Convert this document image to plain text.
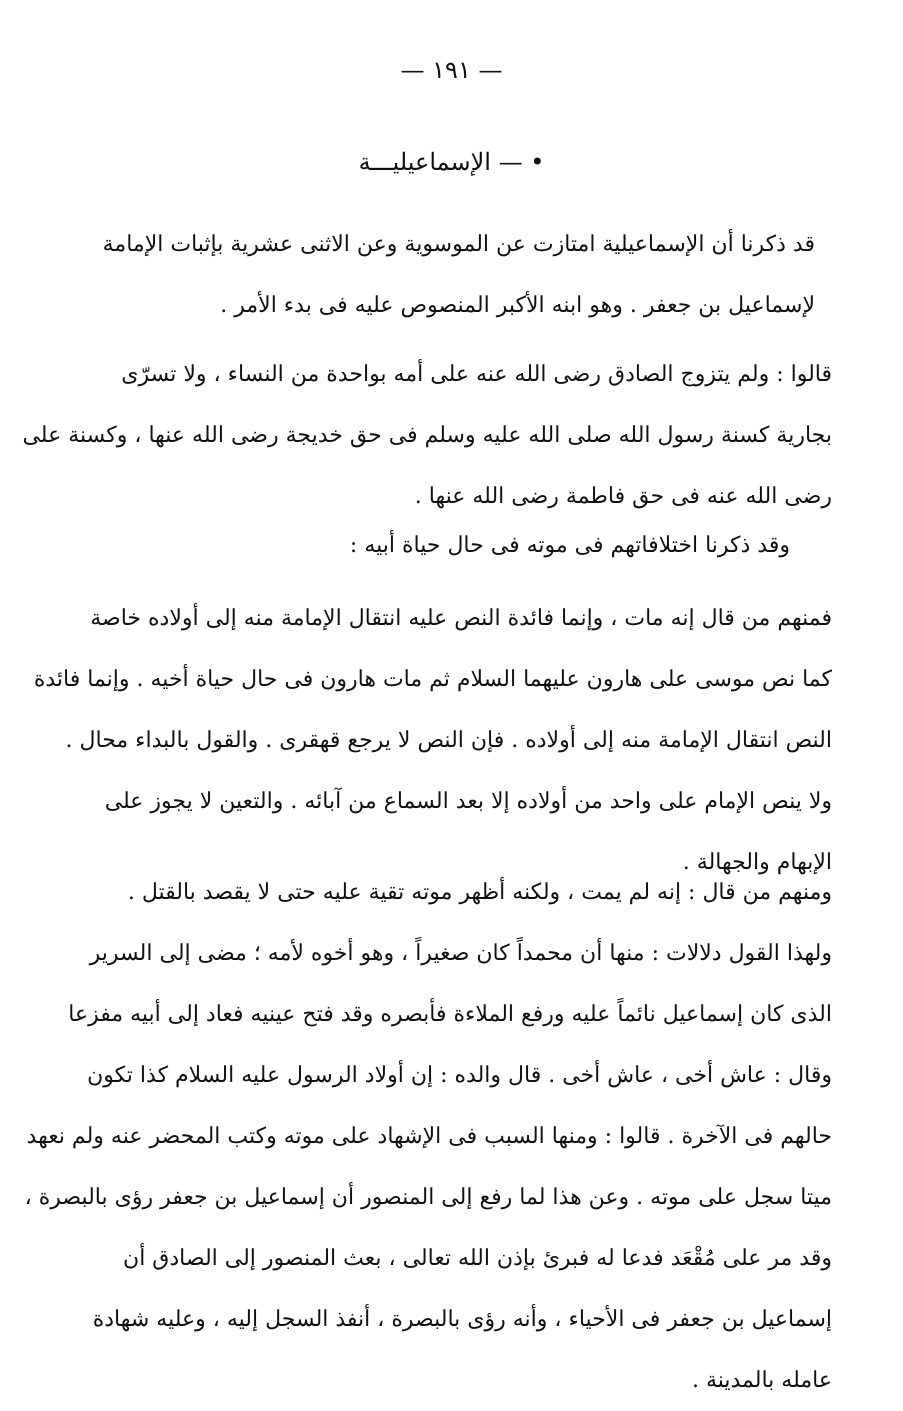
— ١٩١ —
• — الإسماعيليـــة
قد ذكرنا أن الإسماعيلية امتازت عن الموسوية وعن الاثنى عشرية بإثبات الإمامة
لإسماعيل بن جعفر . وهو ابنه الأكبر المنصوص عليه فى بدء الأمر .
قالوا : ولم يتزوج الصادق رضى الله عنه على أمه بواحدة من النساء ، ولا تسرّى
بجارية كسنة رسول الله صلى الله عليه وسلم فى حق خديجة رضى الله عنها ، وكسنة على
رضى الله عنه فى حق فاطمة رضى الله عنها .
وقد ذكرنا اختلافاتهم فى موته فى حال حياة أبيه :
فمنهم من قال إنه مات ، وإنما فائدة النص عليه انتقال الإمامة منه إلى أولاده خاصة
كما نص موسى على هارون عليهما السلام ثم مات هارون فى حال حياة أخيه . وإنما فائدة
النص انتقال الإمامة منه إلى أولاده . فإن النص لا يرجع قهقرى . والقول بالبداء محال .
ولا ينص الإمام على واحد من أولاده إلا بعد السماع من آبائه . والتعين لا يجوز على
الإبهام والجهالة .
ومنهم من قال : إنه لم يمت ، ولكنه أظهر موته تقية عليه حتى لا يقصد بالقتل .
ولهذا القول دلالات : منها أن محمداً كان صغيراً ، وهو أخوه لأمه ؛ مضى إلى السرير
الذى كان إسماعيل نائماً عليه ورفع الملاءة فأبصره وقد فتح عينيه فعاد إلى أبيه مفزعا
وقال : عاش أخى ، عاش أخى . قال والده : إن أولاد الرسول عليه السلام كذا تكون
حالهم فى الآخرة . قالوا : ومنها السبب فى الإشهاد على موته وكتب المحضر عنه ولم نعهد
ميتا سجل على موته . وعن هذا لما رفع إلى المنصور أن إسماعيل بن جعفر رؤى بالبصرة ،
وقد مر على مُقْعَد فدعا له فبرئ بإذن الله تعالى ، بعث المنصور إلى الصادق أن
إسماعيل بن جعفر فى الأحياء ، وأنه رؤى بالبصرة ، أنفذ السجل إليه ، وعليه شهادة
عامله بالمدينة .
